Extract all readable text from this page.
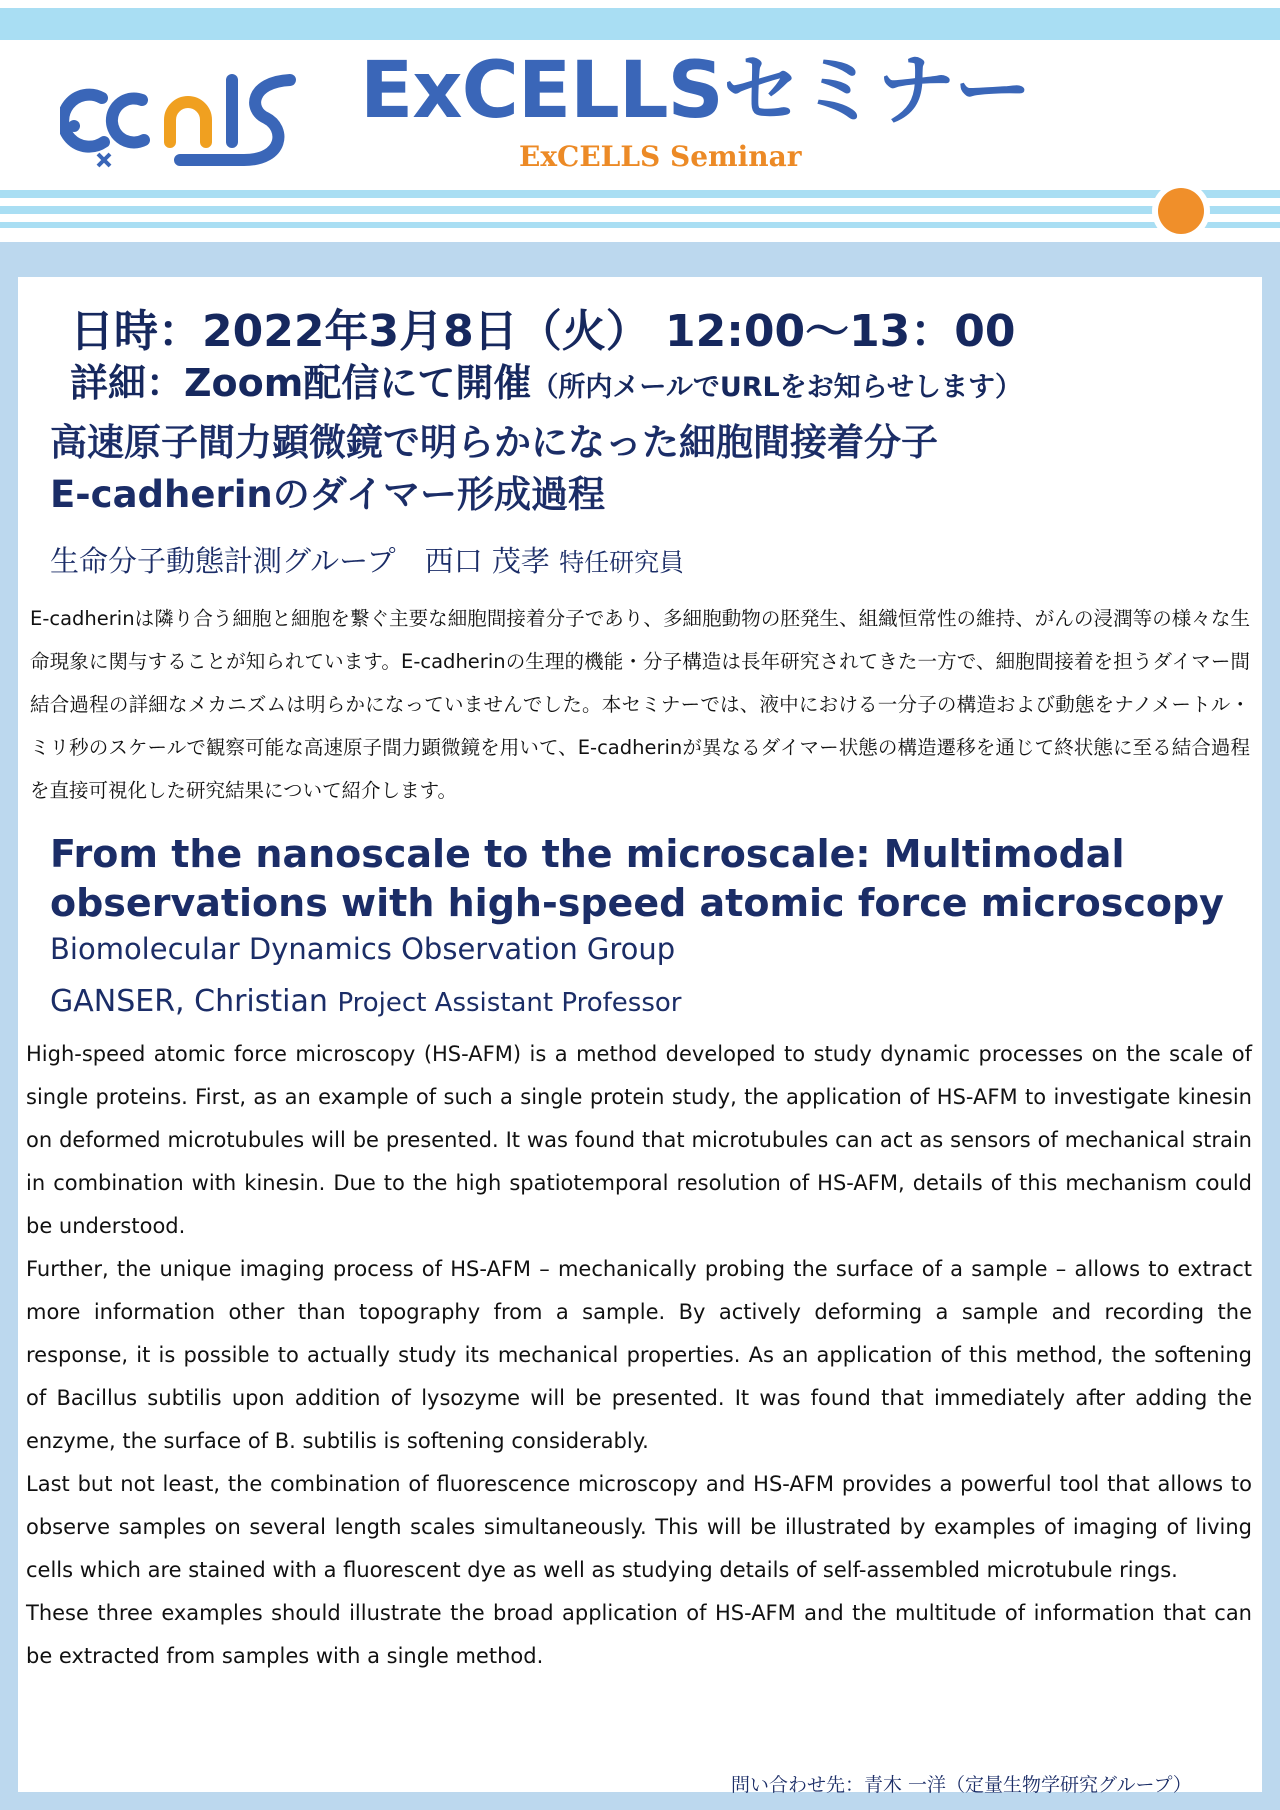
ExCELLSセミナー
ExCELLS Seminar
日時：2022年3月8日（火） 12:00～13：00
詳細：Zoom配信にて開催（所内メールでURLをお知らせします）
高速原子間力顕微鏡で明らかになった細胞間接着分子
E-cadherinのダイマー形成過程
生命分子動態計測グループ　西口 茂孝 特任研究員

E-cadherinは隣り合う細胞と細胞を繋ぐ主要な細胞間接着分子であり、多細胞動物の胚発生、組織恒常性の維持、がんの浸潤等の様々な生命現象に関与することが知られています。E-cadherinの生理的機能・分子構造は長年研究されてきた一方で、細胞間接着を担うダイマー間結合過程の詳細なメカニズムは明らかになっていませんでした。本セミナーでは、液中における一分子の構造および動態をナノメートル・ミリ秒のスケールで観察可能な高速原子間力顕微鏡を用いて、E-cadherinが異なるダイマー状態の構造遷移を通じて終状態に至る結合過程を直接可視化した研究結果について紹介します。

From the nanoscale to the microscale: Multimodal
observations with high-speed atomic force microscopy
Biomolecular Dynamics Observation Group
GANSER, Christian Project Assistant Professor

High-speed atomic force microscopy (HS-AFM) is a method developed to study dynamic processes on the scale of single proteins. First, as an example of such a single protein study, the application of HS-AFM to investigate kinesin on deformed microtubules will be presented. It was found that microtubules can act as sensors of mechanical strain in combination with kinesin. Due to the high spatiotemporal resolution of HS-AFM, details of this mechanism could be understood.

Further, the unique imaging process of HS-AFM – mechanically probing the surface of a sample – allows to extract more information other than topography from a sample. By actively deforming a sample and recording the response, it is possible to actually study its mechanical properties. As an application of this method, the softening of Bacillus subtilis upon addition of lysozyme will be presented. It was found that immediately after adding the enzyme, the surface of B. subtilis is softening considerably.

Last but not least, the combination of fluorescence microscopy and HS-AFM provides a powerful tool that allows to observe samples on several length scales simultaneously. This will be illustrated by examples of imaging of living cells which are stained with a fluorescent dye as well as studying details of self-assembled microtubule rings.

These three examples should illustrate the broad application of HS-AFM and the multitude of information that can be extracted from samples with a single method.

問い合わせ先：青木 一洋（定量生物学研究グループ）
